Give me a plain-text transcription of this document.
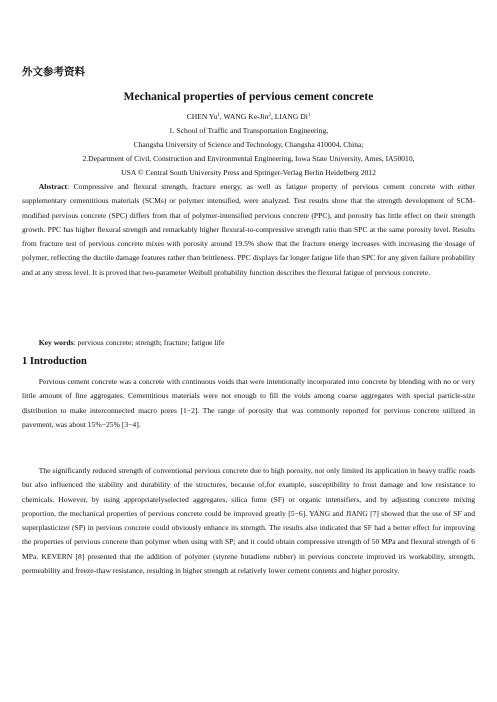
外文参考资料
Mechanical properties of pervious cement concrete
CHEN Yu$^1$, WANG Ke-Jin$^2$, LIANG Di$^1$
1. School of Traffic and Transportation Engineering,
Changsha University of Science and Technology, Changsha 410004, China;
2.Department of Civil, Construction and Environmental Engineering, Iowa State University, Ames, IA50010,
USA © Central South University Press and Springer-Verlag Berlin Heidelberg 2012
Abstract: Compressive and flexural strength, fracture energy, as well as fatigue property of pervious cement concrete with either supplementary cementitious materials (SCMs) or polymer intensified, were analyzed. Test results show that the strength development of SCM-modified pervious concrete (SPC) differs from that of polymer-intensified pervious concrete (PPC), and porosity has little effect on their strength growth. PPC has higher flexural strength and remarkably higher flexural-to-compressive strength ratio than SPC at the same porosity level. Results from fracture test of pervious concrete mixes with porosity around 19.5% show that the fracture energy increases with increasing the dosage of polymer, reflecting the ductile damage features rather than brittleness. PPC displays far longer fatigue life than SPC for any given failure probability and at any stress level. It is proved that two-parameter Weibull probability function describes the flexural fatigue of pervious concrete.
Key words: pervious concrete; strength; fracture; fatigue life
1 Introduction
Pervious cement concrete was a concrete with continuous voids that were intentionally incorporated into concrete by blending with no or very little amount of fine aggregates. Cementitious materials were not enough to fill the voids among coarse aggregates with special particle-size distribution to make interconnected macro pores [1−2]. The range of porosity that was commonly reported for pervious concrete utilized in pavement, was about 15%−25% [3−4].
The significantly reduced strength of conventional pervious concrete due to high porosity, not only limited its application in heavy traffic roads but also influenced the stability and durability of the structures, because of,for example, susceptibility to frost damage and low resistance to chemicals. However, by using appropriatelyselected aggregates, silica fume (SF) or organic intensifiers, and by adjusting concrete mixing proportion, the mechanical properties of pervious concrete could be improved greatly [5−6]. YANG and JIANG [7] showed that the use of SF and superplasticizer (SP) in pervious concrete could obviously enhance its strength. The results also indicated that SF had a better effect for improving the properties of pervious concrete than polymer when using with SP; and it could obtain compressive strength of 50 MPa and flexural strength of 6 MPa. KEVERN [8] presented that the addition of polymer (styrene butadiene rubber) in pervious concrete improved its workability, strength, permeability and freeze-thaw resistance, resulting in higher strength at relatively lower cement contents and higher porosity.
